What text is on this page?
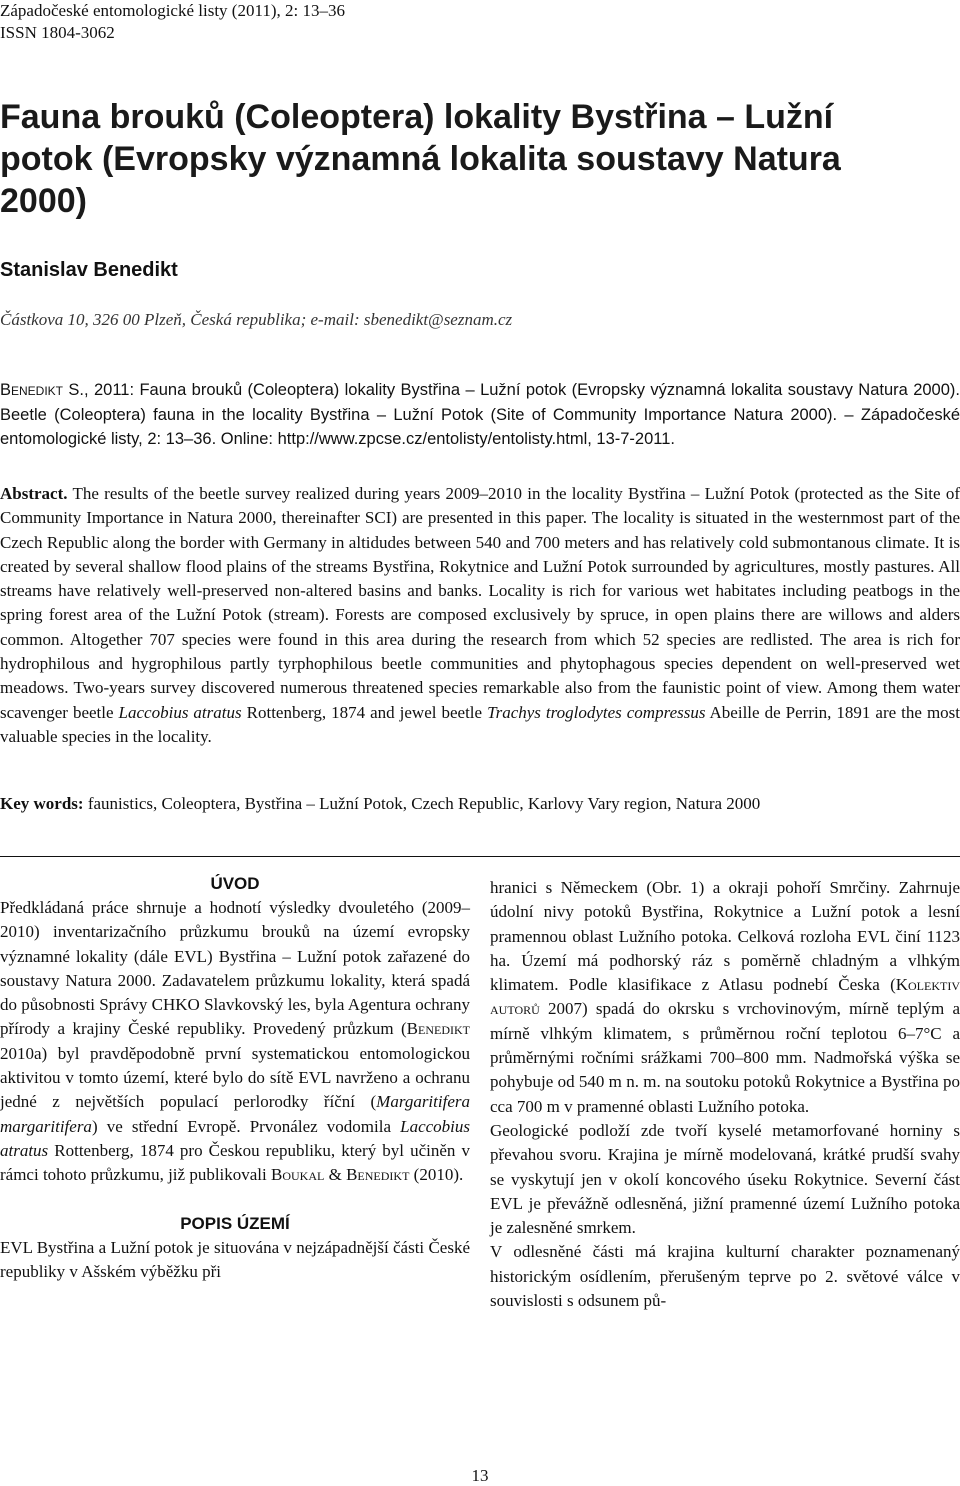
Západočeské entomologické listy (2011), 2: 13–36
ISSN 1804-3062
Fauna brouků (Coleoptera) lokality Bystřina – Lužní potok (Evropsky významná lokalita soustavy Natura 2000)
Stanislav Benedikt
Částkova 10, 326 00 Plzeň, Česká republika; e-mail: sbenedikt@seznam.cz

Benedikt S., 2011: Fauna brouků (Coleoptera) lokality Bystřina – Lužní potok (Evropsky významná lokalita soustavy Natura 2000). Beetle (Coleoptera) fauna in the locality Bystřina – Lužní Potok (Site of Community Importance Natura 2000). – Západočeské entomologické listy, 2: 13–36. Online: http://www.zpcse.cz/entolisty/entolisty.html, 13-7-2011.

Abstract. The results of the beetle survey realized during years 2009–2010 in the locality Bystřina – Lužní Potok (protected as the Site of Community Importance in Natura 2000, thereinafter SCI) are presented in this paper. The locality is situated in the westernmost part of the Czech Republic along the border with Germany in altidudes between 540 and 700 meters and has relatively cold submontanous climate. It is created by several shallow flood plains of the streams Bystřina, Rokytnice and Lužní Potok surrounded by agricultures, mostly pastures. All streams have relatively well-preserved non-altered basins and banks. Locality is rich for various wet habitates including peatbogs in the spring forest area of the Lužní Potok (stream). Forests are composed exclusively by spruce, in open plains there are willows and alders common. Altogether 707 species were found in this area during the research from which 52 species are redlisted. The area is rich for hydrophilous and hygrophilous partly tyrphophilous beetle communities and phytophagous species dependent on well-preserved wet meadows. Two-years survey discovered numerous threatened species remarkable also from the faunistic point of view. Among them water scavenger beetle Laccobius atratus Rottenberg, 1874 and jewel beetle Trachys troglodytes compressus Abeille de Perrin, 1891 are the most valuable species in the locality.

Key words: faunistics, Coleoptera, Bystřina – Lužní Potok, Czech Republic, Karlovy Vary region, Natura 2000
ÚVOD

Předkládaná práce shrnuje a hodnotí výsledky dvouletého (2009–2010) inventarizačního průzkumu brouků na území evropsky významné lokality (dále EVL) Bystřina – Lužní potok zařazené do soustavy Natura 2000. Zadavatelem průzkumu lokality, která spadá do působnosti Správy CHKO Slavkovský les, byla Agentura ochrany přírody a krajiny České republiky. Provedený průzkum (Benedikt 2010a) byl pravděpodobně první systematickou entomologickou aktivitou v tomto území, které bylo do sítě EVL navrženo a ochranu jedné z největších populací perlorodky říční (Margaritifera margaritifera) ve střední Evropě. Prvonález vodomila Laccobius atratus Rottenberg, 1874 pro Českou republiku, který byl učiněn v rámci tohoto průzkumu, již publikovali Boukal & Benedikt (2010).

POPIS ÚZEMÍ

EVL Bystřina a Lužní potok je situována v nejzápadnější části České republiky v Ašském výběžku při

hranici s Německem (Obr. 1) a okraji pohoří Smrčiny. Zahrnuje údolní nivy potoků Bystřina, Rokytnice a Lužní potok a lesní pramennou oblast Lužního potoka. Celková rozloha EVL činí 1123 ha. Území má podhorský ráz s poměrně chladným a vlhkým klimatem. Podle klasifikace z Atlasu podnebí Česka (Kolektiv autorů 2007) spadá do okrsku s vrchovinovým, mírně teplým a mírně vlhkým klimatem, s průměrnou roční teplotou 6–7°C a průměrnými ročními srážkami 700–800 mm. Nadmořská výška se pohybuje od 540 m n. m. na soutoku potoků Rokytnice a Bystřina po cca 700 m v pramenné oblasti Lužního potoka.

Geologické podloží zde tvoří kyselé metamorfované horniny s převahou svoru. Krajina je mírně modelovaná, krátké prudší svahy se vyskytují jen v okolí koncového úseku Rokytnice. Severní část EVL je převážně odlesněná, jižní pramenné území Lužního potoka je zalesněné smrkem.

V odlesněné části má krajina kulturní charakter poznamenaný historickým osídlením, přerušeným teprve po 2. světové válce v souvislosti s odsunem pů-

13
